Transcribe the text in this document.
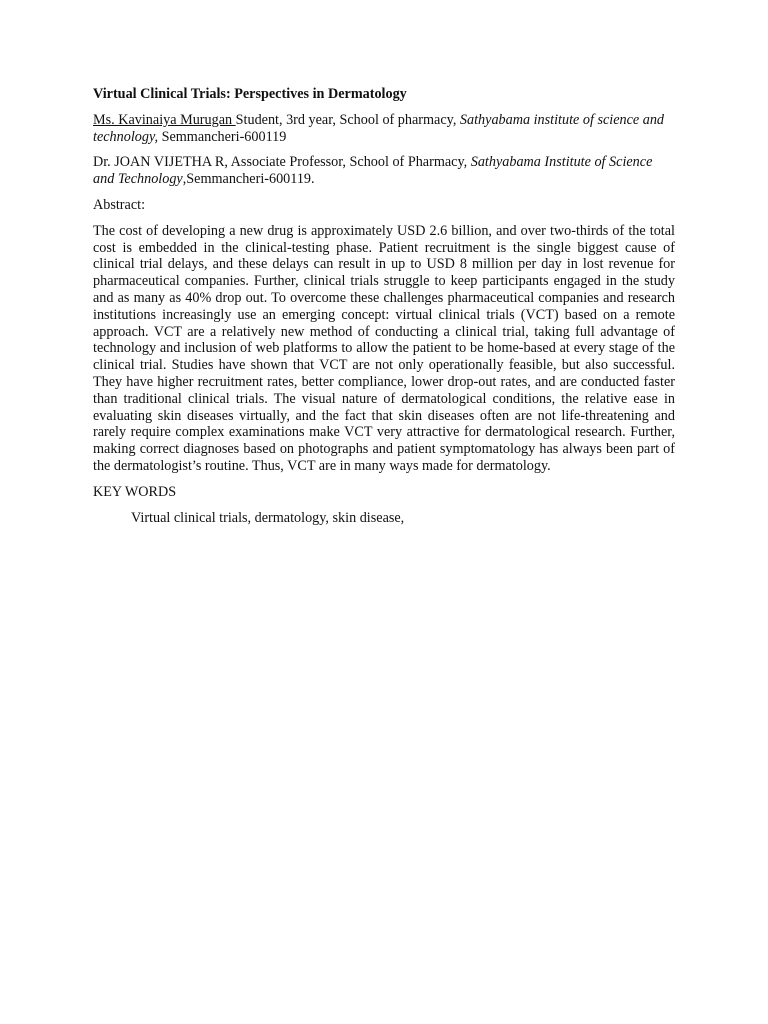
Virtual Clinical Trials: Perspectives in Dermatology
Ms. Kavinaiya Murugan Student, 3rd year, School of pharmacy, Sathyabama institute of science and technology, Semmancheri-600119
Dr. JOAN VIJETHA R, Associate Professor, School of Pharmacy, Sathyabama Institute of Science and Technology,Semmancheri-600119.
Abstract:
The cost of developing a new drug is approximately USD 2.6 billion, and over two-thirds of the total cost is embedded in the clinical-testing phase. Patient recruitment is the single biggest cause of clinical trial delays, and these delays can result in up to USD 8 million per day in lost revenue for pharmaceutical companies. Further, clinical trials struggle to keep participants engaged in the study and as many as 40% drop out. To overcome these challenges pharmaceutical companies and research institutions increasingly use an emerging concept: virtual clinical trials (VCT) based on a remote approach. VCT are a relatively new method of conducting a clinical trial, taking full advantage of technology and inclusion of web platforms to allow the patient to be home-based at every stage of the clinical trial. Studies have shown that VCT are not only operationally feasible, but also successful. They have higher recruitment rates, better compliance, lower drop-out rates, and are conducted faster than traditional clinical trials. The visual nature of dermatological conditions, the relative ease in evaluating skin diseases virtually, and the fact that skin diseases often are not life-threatening and rarely require complex examinations make VCT very attractive for dermatological research. Further, making correct diagnoses based on photographs and patient symptomatology has always been part of the dermatologist’s routine. Thus, VCT are in many ways made for dermatology.
KEY WORDS
Virtual clinical trials, dermatology, skin disease,
